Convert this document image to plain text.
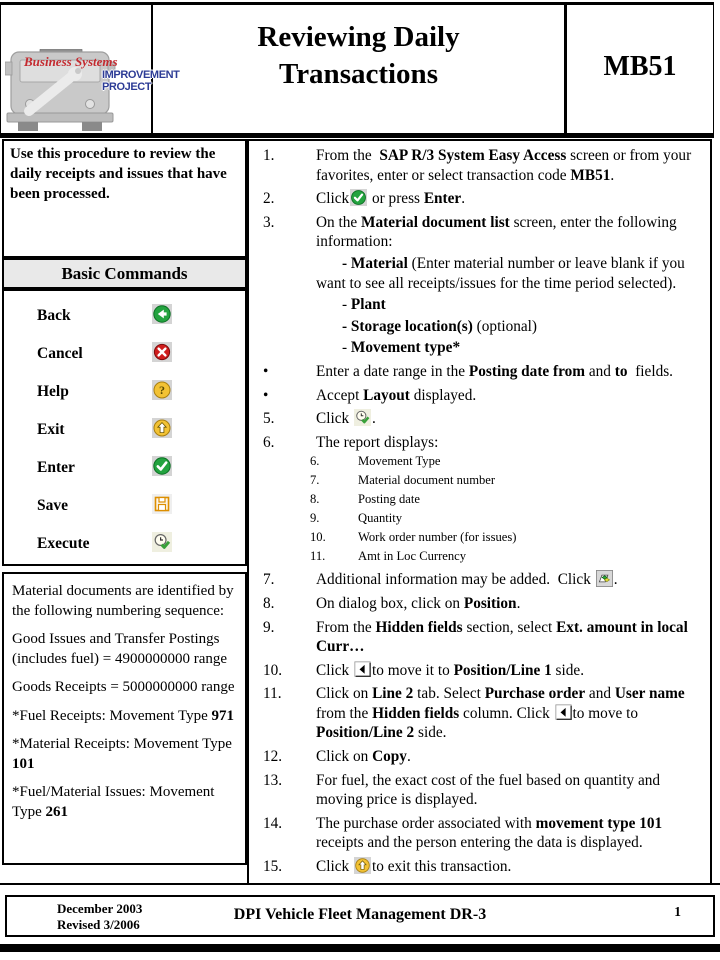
Business Systems
IMPROVEMENT
PROJECT
Reviewing Daily
Transactions	MB51

Use this procedure to review the daily receipts and issues that have been processed.

Basic Commands
Back
Cancel
Help	?
Exit
Enter
Save
Execute

Material documents are identified by the following numbering sequence:

Good Issues and Transfer Postings (includes fuel) = 4900000000 range

Goods Receipts = 5000000000 range

*Fuel Receipts: Movement Type 971

*Material Receipts: Movement Type 101

*Fuel/Material Issues: Movement Type 261

1.	From the  SAP R/3 System Easy Access screen or from your favorites, enter or select transaction code MB51.
2.	Click
or press Enter.
3.	On the Material document list screen, enter the following information:
- Material (Enter material number or leave blank if you want to see all receipts/issues for the time period selected).
- Plant
- Storage location(s) (optional)
- Movement type*
•	Enter a date range in the Posting date from and to  fields.
•	Accept Layout displayed.
5.	Click
.
6.	The report displays:
6.	Movement Type
7.	Material document number
8.	Posting date
9.	Quantity
10.	Work order number (for issues)
11.	Amt in Loc Currency
7.	Additional information may be added.  Click
.
8.	On dialog box, click on Position.
9.	From the Hidden fields section, select Ext. amount in local Curr…
10. Click
to move it to Position/Line 1 side.
11. Click on Line 2 tab. Select Purchase order and User name from the Hidden fields column. Click
to move to Position/Line 2 side.
12. Click on Copy.
13. For fuel, the exact cost of the fuel based on quantity and moving price is displayed.
14. The purchase order associated with movement type 101 receipts and the person entering the data is displayed.
15. Click
to exit this transaction.
December 2003
Revised 3/2006
DPI Vehicle Fleet Management DR-3	1
